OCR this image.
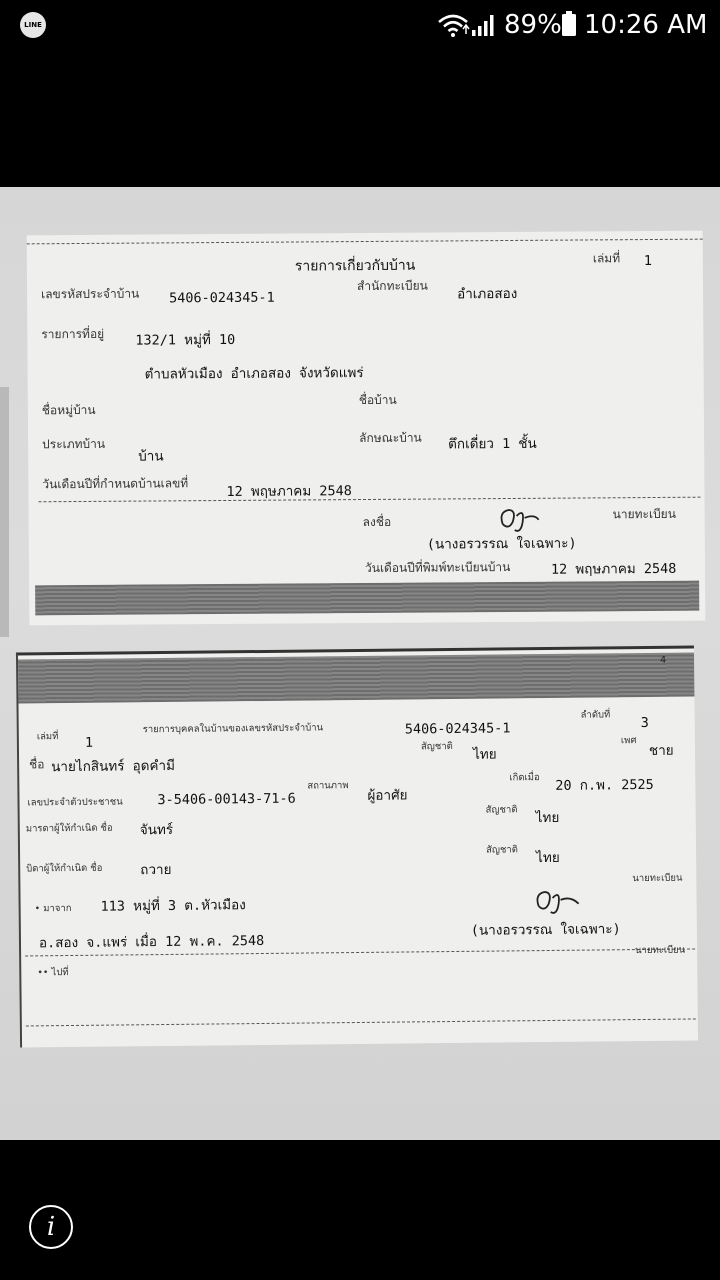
LINE	89% 10:26 AM
รายการเกี่ยวกับบ้าน	เล่มที่ 1
เลขรหัสประจำบ้าน 5406-024345-1
สำนักทะเบียน
อำเภอสอง
รายการที่อยู่ 132/1 หมู่ที่ 10
ตำบลหัวเมือง อำเภอสอง จังหวัดแพร่
ชื่อหมู่บ้าน
ชื่อบ้าน
ประเภทบ้าน
บ้าน
ลักษณะบ้าน ตึกเดี่ยว 1 ชั้น
วันเดือนปีที่กำหนดบ้านเลขที่	12 พฤษภาคม 2548
ลงชื่อ
นายทะเบียน
(นางอรวรรณ ใจเฉพาะ)
วันเดือนปีที่พิมพ์ทะเบียนบ้าน	12 พฤษภาคม 2548
4
เล่มที่ 1
รายการบุคคลในบ้านของเลขรหัสประจำบ้าน	5406-024345-1
ลำดับที่ 3
ชื่อ นายไกสินทร์ อุดคำมี
สัญชาติ ไทย
เพศ
ชาย
เลขประจำตัวประชาชน	3-5406-00143-71-6
สถานภาพ
ผู้อาศัย
เกิดเมื่อ 20 ก.พ. 2525
มารดาผู้ให้กำเนิด ชื่อ จันทร์
สัญชาติ ไทย
บิดาผู้ให้กำเนิด ชื่อ	ถวาย
สัญชาติ ไทย
นายทะเบียน
• มาจาก 113 หมู่ที่ 3 ต.หัวเมือง
อ.สอง จ.แพร่ เมื่อ 12 พ.ค. 2548
(นางอรวรรณ ใจเฉพาะ)
นายทะเบียน
•• ไปที่
i
